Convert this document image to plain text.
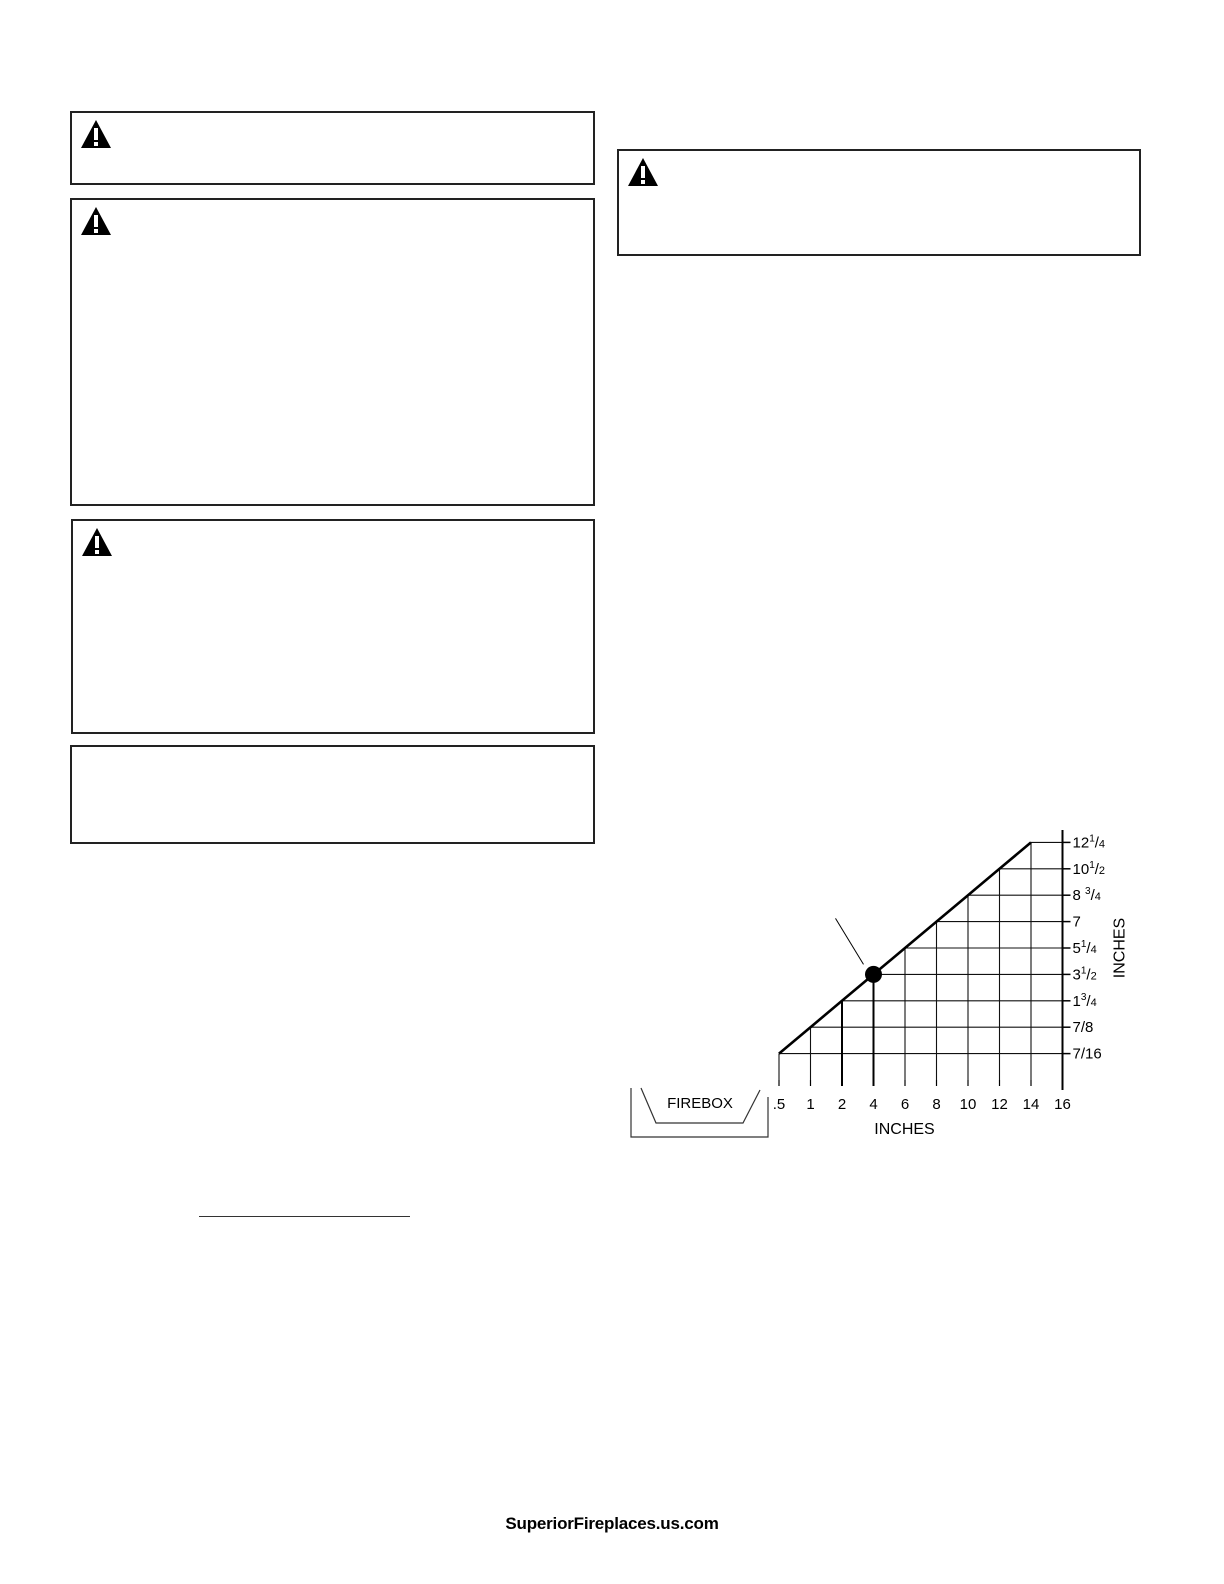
.5 1 2 4 6 8 10 12 14 16
INCHES
7/16
7/8
$1^3/4$
$3^1/2$
$5^1/4$
7
8 $^3$/4
$10^1/2$
$12^1/4$
INCHES
FIREBOX
SuperiorFireplaces.us.com
